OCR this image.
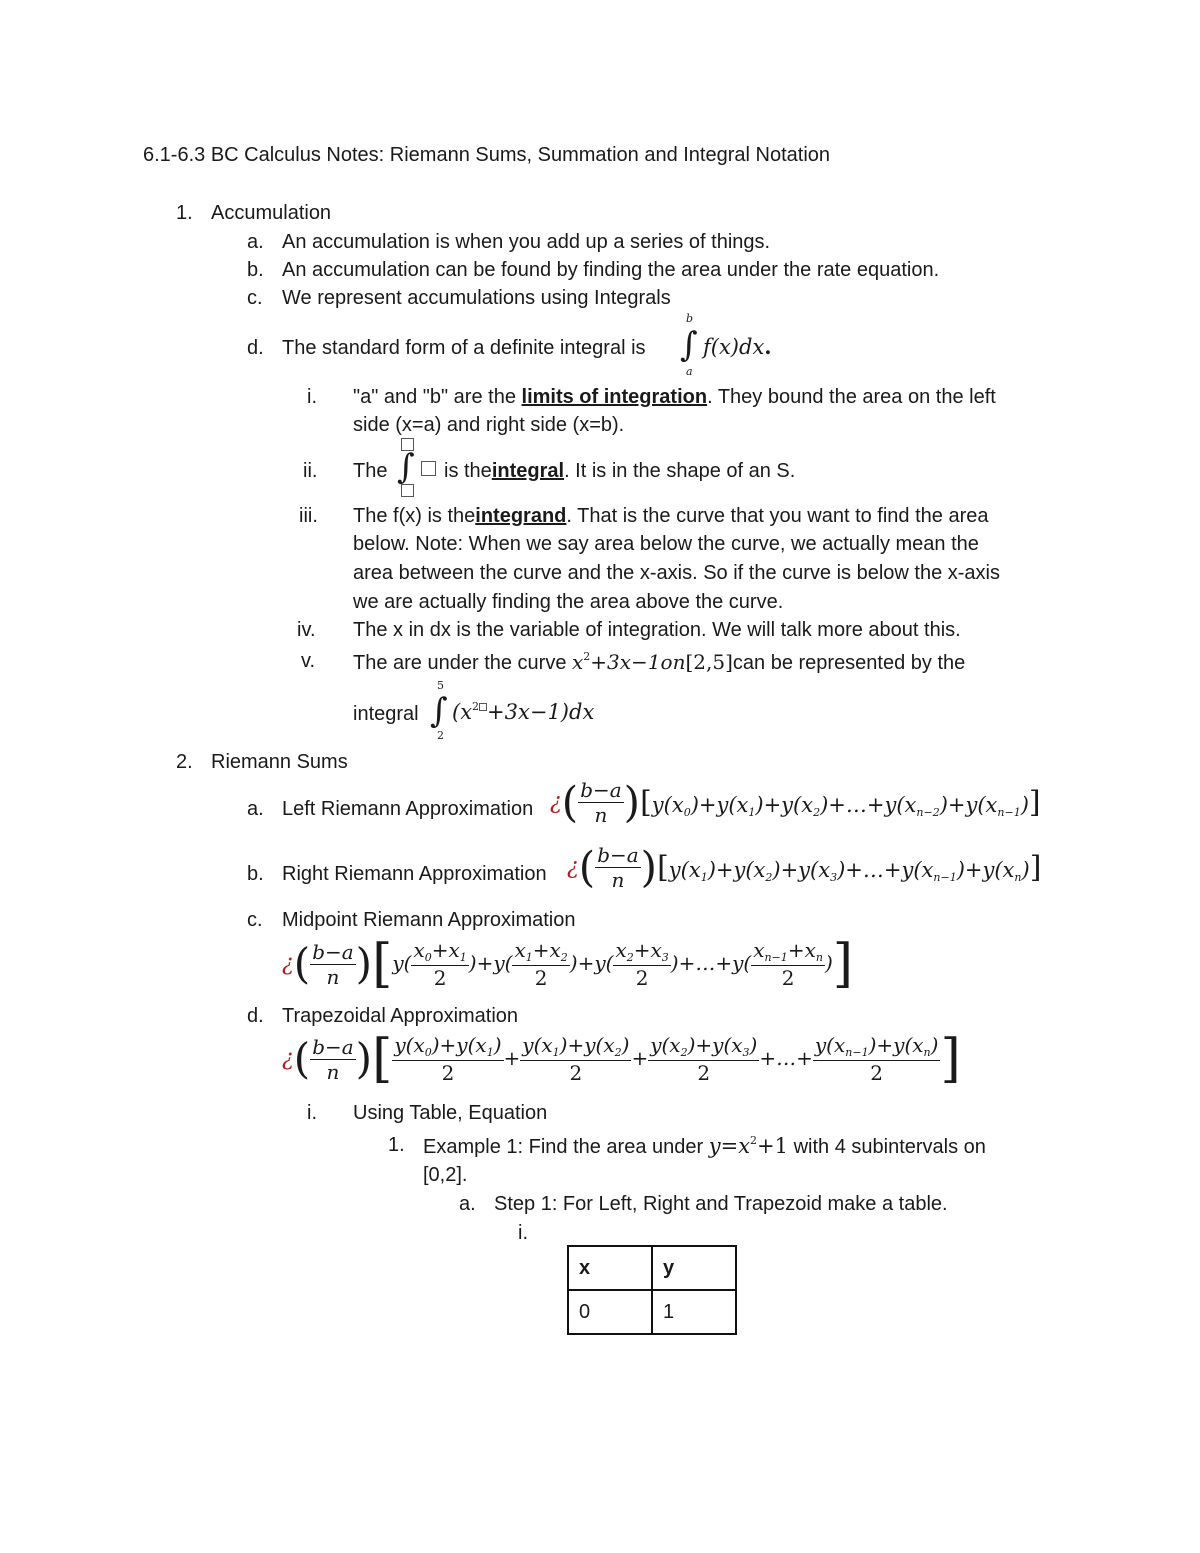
6.1-6.3 BC Calculus Notes: Riemann Sums, Summation and Integral Notation
1. Accumulation
a. An accumulation is when you add up a series of things.
b. An accumulation can be found by finding the area under the rate equation.
c. We represent accumulations using Integrals
d. The standard form of a definite integral is
b
∫
a
f(x)dx.
i. "a" and "b" are the limits of integration. They bound the area on the left
side (x=a) and right side (x=b).
ii. The ∫ is theintegral. It is in the shape of an S.
iii. The f(x) is theintegrand. That is the curve that you want to find the area
below. Note: When we say area below the curve, we actually mean the
area between the curve and the x-axis. So if the curve is below the x-axis
we are actually finding the area above the curve.
iv. The x in dx is the variable of integration. We will talk more about this.
v. The are under the curve $x^2+3x-1on[2,5]can$ be represented by the
integral
5
∫
2
$(x^2 +3x-1)dx$
2. Riemann Sums
a. Left Riemann Approximation ¿( $\frac{b-a}{n}$ )$[y(x_0)+y(x_1)+y(x_2)+\dots+y(x_{n-2})+y(x_{n-1})]$
b. Right Riemann Approximation ¿( $\frac{b-a}{n}$ )$[y(x_1)+y(x_2)+y(x_3)+\dots+y(x_{n-1})+y(x_n)]$
c. Midpoint Riemann Approximation
¿( $\frac{b-a}{n} )[y( \frac{x_0+x_1}{2} )+y( \frac{x_1+x_2}{2} )+y( \frac{x_2+x_3}{2}$ )+…+y( $\frac{x_{n-1}+x_n}{2}$ )]
d. Trapezoidal Approximation
¿( $\frac{b-a}{n}$ )[ $\frac{y(x_0)+y(x_1)}{2} + \frac{y(x_1)+y(x_2)}{2} + \frac{y(x_2)+y(x_3)}{2}$ +…+ $\frac{y(x_{n-1})+y(x_n)}{2}$ ]
i. Using Table, Equation
1. Example 1: Find the area under $y=x^2+1$ with 4 subintervals on
[0,2].
a. Step 1: For Left, Right and Trapezoid make a table.
i.
x	y
0	1
